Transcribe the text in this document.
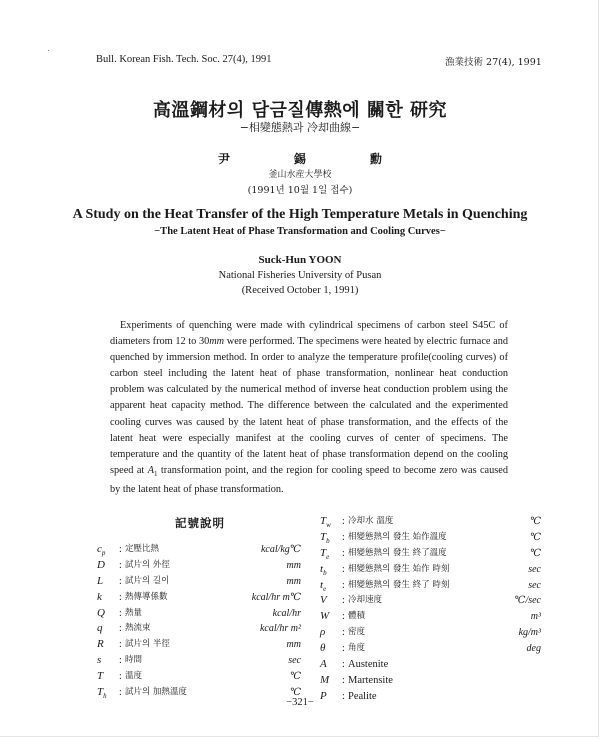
Bull. Korean Fish. Tech. Soc. 27(4), 1991	漁業技術 27(4), 1991
高溫鋼材의 담금질傳熱에 關한 研究
−相變態熱과 冷却曲線−
尹	錫	勳
釜山水産大學校
(1991년 10월 1일 접수)
A Study on the Heat Transfer of the High Temperature Metals in Quenching
−The Latent Heat of Phase Transformation and Cooling Curves−
Suck-Hun YOON
National Fisheries University of Pusan
(Received October 1, 1991)
Experiments of quenching were made with cylindrical specimens of carbon steel S45C of diameters from 12 to 30mm were performed. The specimens were heated by electric furnace and quenched by immersion method. In order to analyze the temperature profile(cooling curves) of carbon steel including the latent heat of phase transformation, nonlinear heat conduction problem was calculated by the numerical method of inverse heat conduction problem using the apparent heat capacity method. The difference between the calculated and the experimented cooling curves was caused by the latent heat of phase transformation, and the effects of the latent heat were especially manifest at the cooling curves of center of specimens. The temperature and the quantity of the latent heat of phase transformation depend on the cooling speed at $A_1$ transformation point, and the region for cooling speed to become zero was caused by the latent heat of phase transformation.
記號說明
$c_p$ : 定壓比熱	kcal/kg℃
D : 試片의 外徑	mm
L : 試片의 길이	mm
k : 熱傳導係數	kcal/hr m℃
Q : 熱量	kcal/hr
q : 熱流束	kcal/hr m²
R : 試片의 半徑	mm
s : 時間	sec
T : 溫度	℃
$T_h$ : 試片의 加熱溫度	℃
$T_w$ : 冷却水 溫度	℃
$T_b$ : 相變態熱의 發生 始作溫度	℃
$T_e$ : 相變態熱의 發生 終了溫度	℃
$t_b$ : 相變態熱의 發生 始作 時刻	sec
$t_e$ : 相變態熱의 發生 終了 時刻	sec
V : 冷却速度	℃/sec
W : 體積	m³
ρ : 密度	kg/m³
θ : 角度	deg
A : Austenite
M : Martensite
P : Pealite
−321−
